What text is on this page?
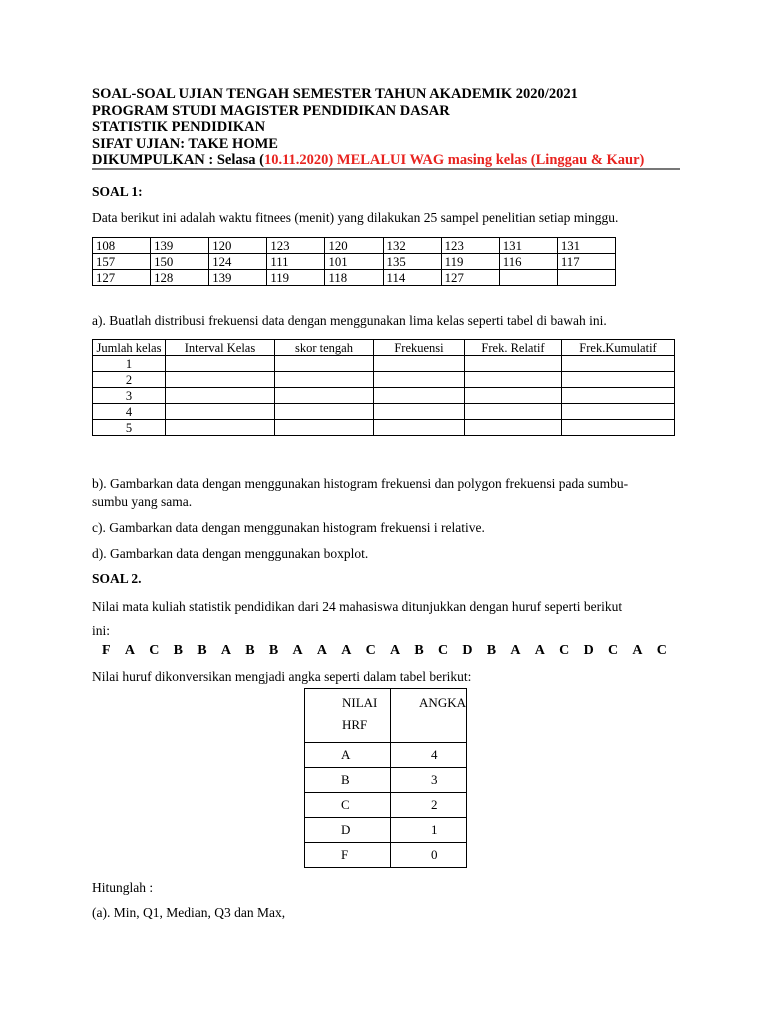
SOAL-SOAL UJIAN TENGAH SEMESTER TAHUN AKADEMIK 2020/2021
PROGRAM STUDI MAGISTER PENDIDIKAN DASAR
STATISTIK PENDIDIKAN
SIFAT UJIAN: TAKE HOME
DIKUMPULKAN : Selasa (10.11.2020) MELALUI WAG masing kelas (Linggau & Kaur)
SOAL 1:
Data berikut ini adalah waktu fitnees (menit) yang dilakukan 25 sampel penelitian setiap minggu.
108	139	120	123	120	132	123	131	131
157	150	124	111	101	135	119	116	117
127	128	139	119	118	114	127		
a). Buatlah distribusi frekuensi data dengan menggunakan lima kelas seperti tabel di bawah ini.
Jumlah kelas	Interval Kelas	skor tengah	Frekuensi	Frek. Relatif	Frek.Kumulatif
1					
2					
3					
4					
5					
b). Gambarkan data dengan menggunakan histogram frekuensi dan polygon frekuensi pada sumbu-
sumbu yang sama.
c). Gambarkan data dengan menggunakan histogram frekuensi i relative.
d). Gambarkan data dengan menggunakan boxplot.
SOAL 2.
Nilai mata kuliah statistik pendidikan dari 24 mahasiswa ditunjukkan dengan huruf seperti berikut
ini:
F A C B B A B B A A A C A B C D B A A C D C A C
Nilai huruf dikonversikan mengjadi angka seperti dalam tabel berikut:
NILAI
HRF	ANGKA
A	4
B	3
C	2
D	1
F	0
Hitunglah :
(a). Min, Q1, Median, Q3 dan Max,
